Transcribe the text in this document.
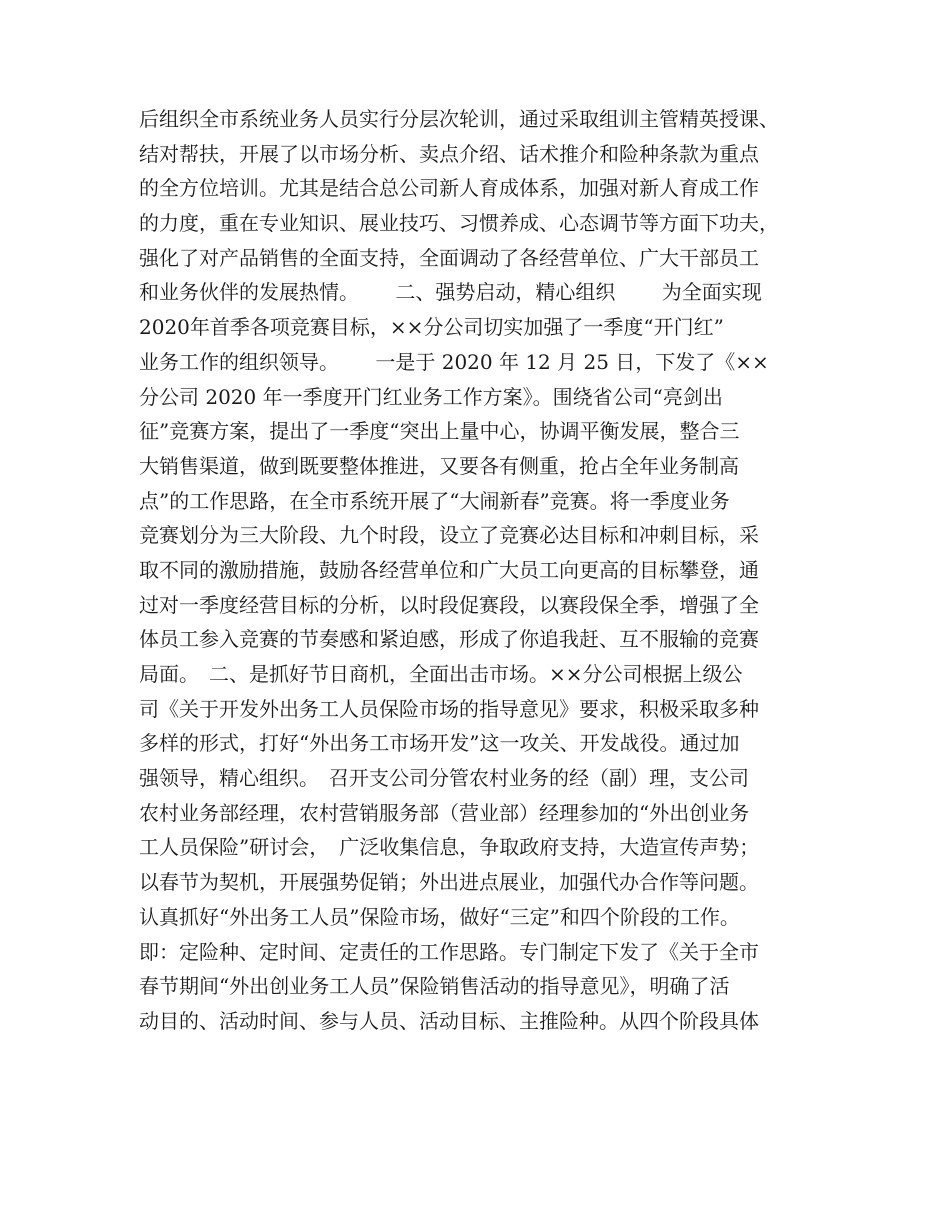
后组织全市系统业务人员实行分层次轮训，通过采取组训主管精英授课、
结对帮扶，开展了以市场分析、卖点介绍、话术推介和险种条款为重点
的全方位培训。尤其是结合总公司新人育成体系，加强对新人育成工作
的力度，重在专业知识、展业技巧、习惯养成、心态调节等方面下功夫，
强化了对产品销售的全面支持，全面调动了各经营单位、广大干部员工
和业务伙伴的发展热情。　　 二、强势启动，精心组织　　 为全面实现
2020年首季各项竞赛目标，××分公司切实加强了一季度“开门红”
业务工作的组织领导。　　 一是于 2020 年 12 月 25 日，下发了《××
分公司 2020 年一季度开门红业务工作方案》。围绕省公司“亮剑出
征”竞赛方案，提出了一季度“突出上量中心，协调平衡发展，整合三
大销售渠道，做到既要整体推进，又要各有侧重，抢占全年业务制高
点”的工作思路，在全市系统开展了“大闹新春”竞赛。将一季度业务
竞赛划分为三大阶段、九个时段，设立了竞赛必达目标和冲刺目标，采
取不同的激励措施，鼓励各经营单位和广大员工向更高的目标攀登，通
过对一季度经营目标的分析，以时段促赛段，以赛段保全季，增强了全
体员工参入竞赛的节奏感和紧迫感，形成了你追我赶、互不服输的竞赛
局面。　二、是抓好节日商机，全面出击市场。××分公司根据上级公
司《关于开发外出务工人员保险市场的指导意见》要求，积极采取多种
多样的形式，打好“外出务工市场开发”这一攻关、开发战役。通过加
强领导，精心组织。　召开支公司分管农村业务的经（副）理，支公司
农村业务部经理，农村营销服务部（营业部）经理参加的“外出创业务
工人员保险”研讨会，　广泛收集信息，争取政府支持，大造宣传声势；
以春节为契机，开展强势促销；外出进点展业，加强代办合作等问题。
认真抓好“外出务工人员”保险市场，做好“三定”和四个阶段的工作。
即：定险种、定时间、定责任的工作思路。专门制定下发了《关于全市
春节期间“外出创业务工人员”保险销售活动的指导意见》，明确了活
动目的、活动时间、参与人员、活动目标、主推险种。从四个阶段具体
